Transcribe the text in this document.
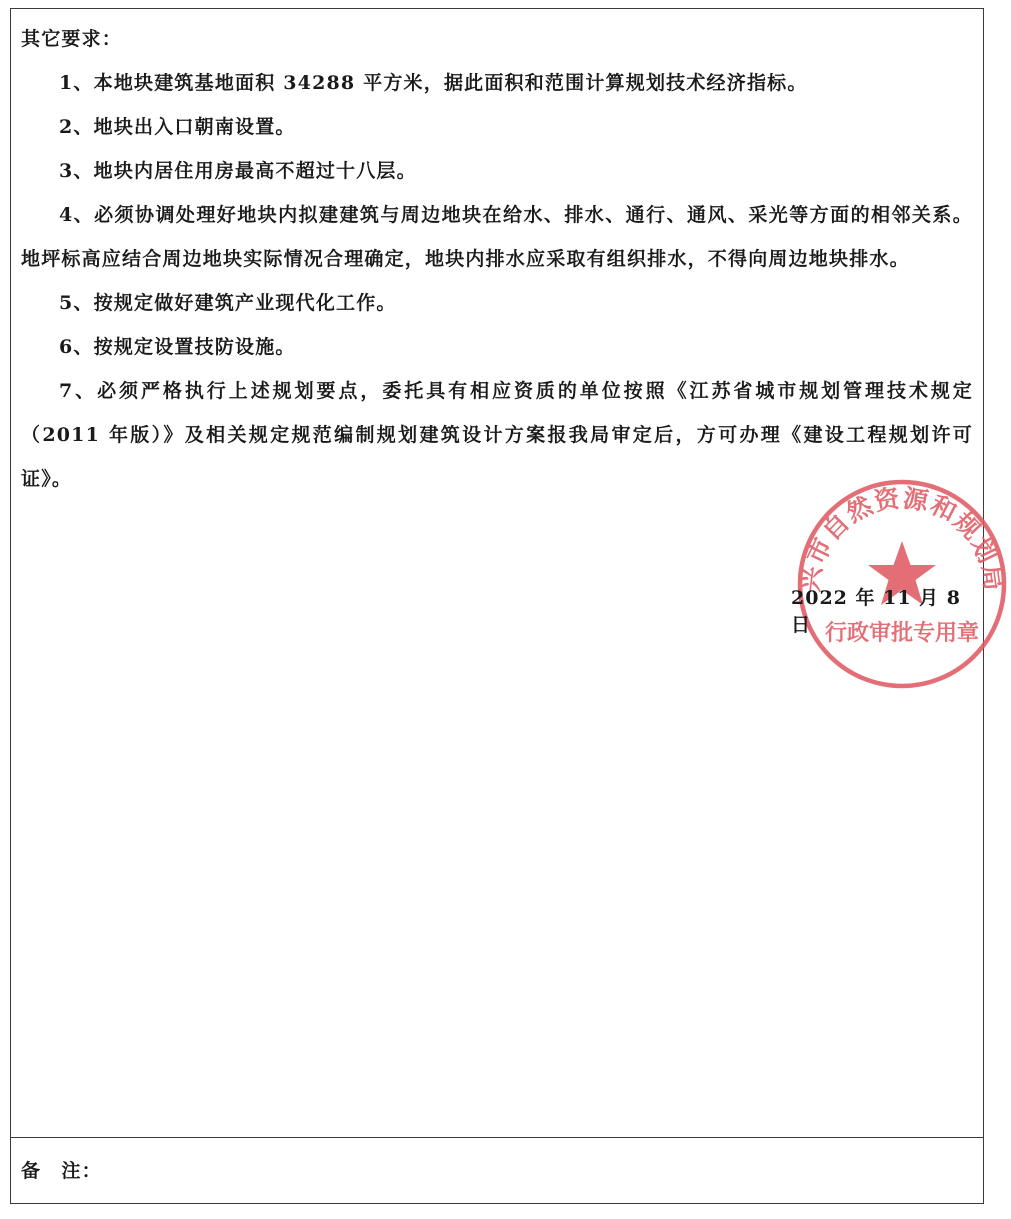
其它要求：

1、本地块建筑基地面积 34288 平方米，据此面积和范围计算规划技术经济指标。

2、地块出入口朝南设置。

3、地块内居住用房最高不超过十八层。

4、必须协调处理好地块内拟建建筑与周边地块在给水、排水、通行、通风、采光等方面的相邻关系。地坪标高应结合周边地块实际情况合理确定，地块内排水应采取有组织排水，不得向周边地块排水。

5、按规定做好建筑产业现代化工作。

6、按规定设置技防设施。

7、必须严格执行上述规划要点，委托具有相应资质的单位按照《江苏省城市规划管理技术规定（2011 年版）》及相关规定规范编制规划建筑设计方案报我局审定后，方可办理《建设工程规划许可证》。

2022 年 11 月 8 日
兴市自然资源和规划局
行政审批专用章
备　注：
